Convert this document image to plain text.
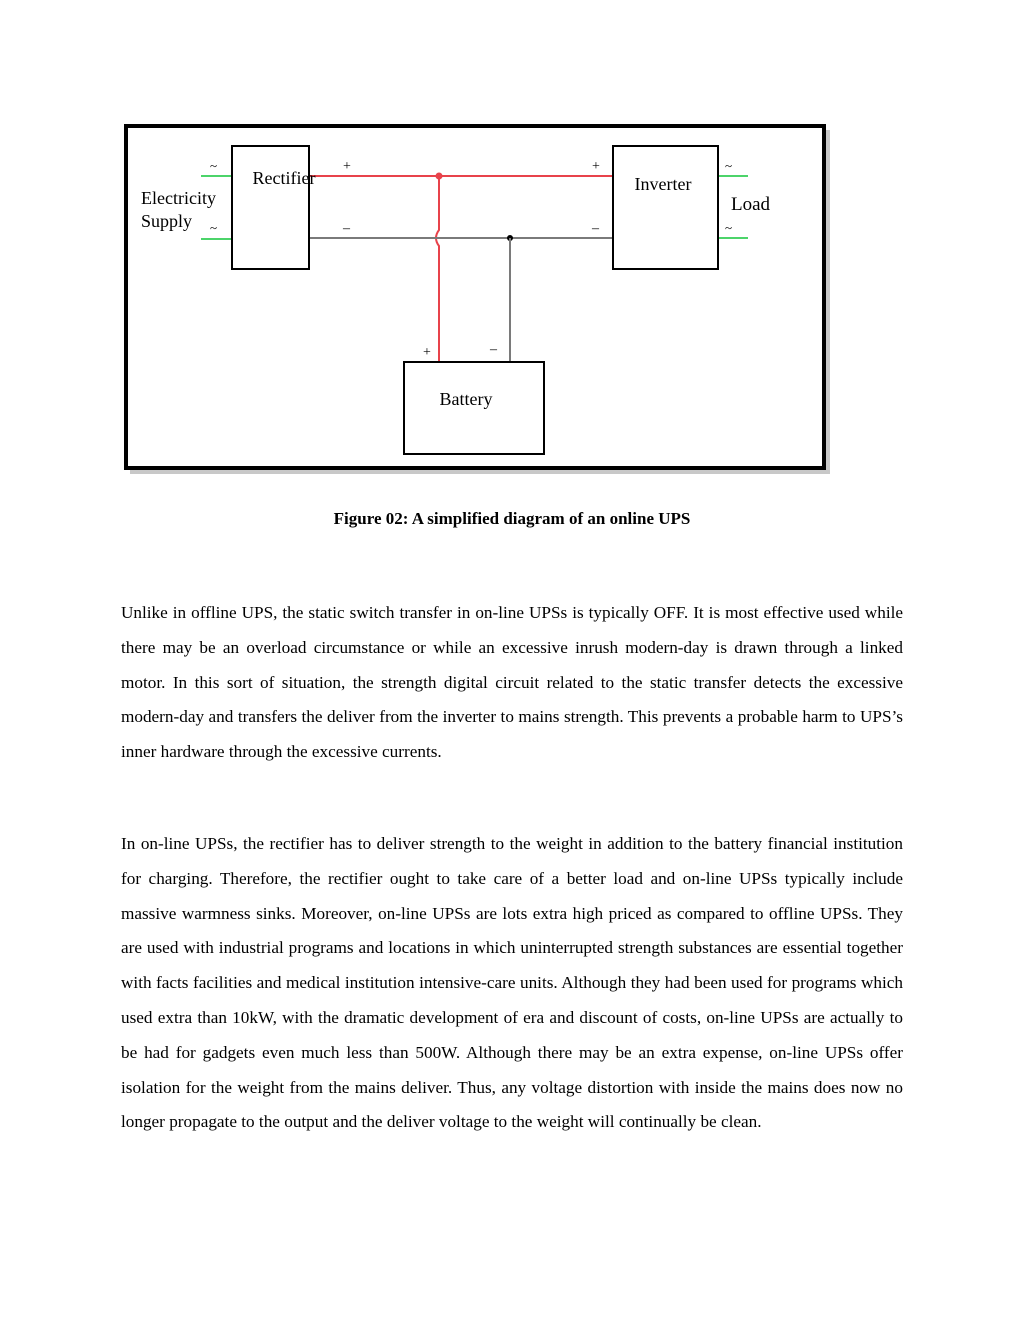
Rectifier	Inverter
Battery
Electricity
Supply
Load
~
~
~
~
+
–
+
–
+	–
Figure 02: A simplified diagram of an online UPS

Unlike in offline UPS, the static switch transfer in on-line UPSs is typically OFF. It is most effective used while there may be an overload circumstance or while an excessive inrush modern-day is drawn through a linked motor. In this sort of situation, the strength digital circuit related to the static transfer detects the excessive modern-day and transfers the deliver from the inverter to mains strength. This prevents a probable harm to UPS’s inner hardware through the excessive currents.

In on-line UPSs, the rectifier has to deliver strength to the weight in addition to the battery financial institution for charging. Therefore, the rectifier ought to take care of a better load and on-line UPSs typically include massive warmness sinks. Moreover, on-line UPSs are lots extra high priced as compared to offline UPSs. They are used with industrial programs and locations in which uninterrupted strength substances are essential together with facts facilities and medical institution intensive-care units. Although they had been used for programs which used extra than 10kW, with the dramatic development of era and discount of costs, on-line UPSs are actually to be had for gadgets even much less than 500W. Although there may be an extra expense, on-line UPSs offer isolation for the weight from the mains deliver. Thus, any voltage distortion with inside the mains does now no longer propagate to the output and the deliver voltage to the weight will continually be clean.
